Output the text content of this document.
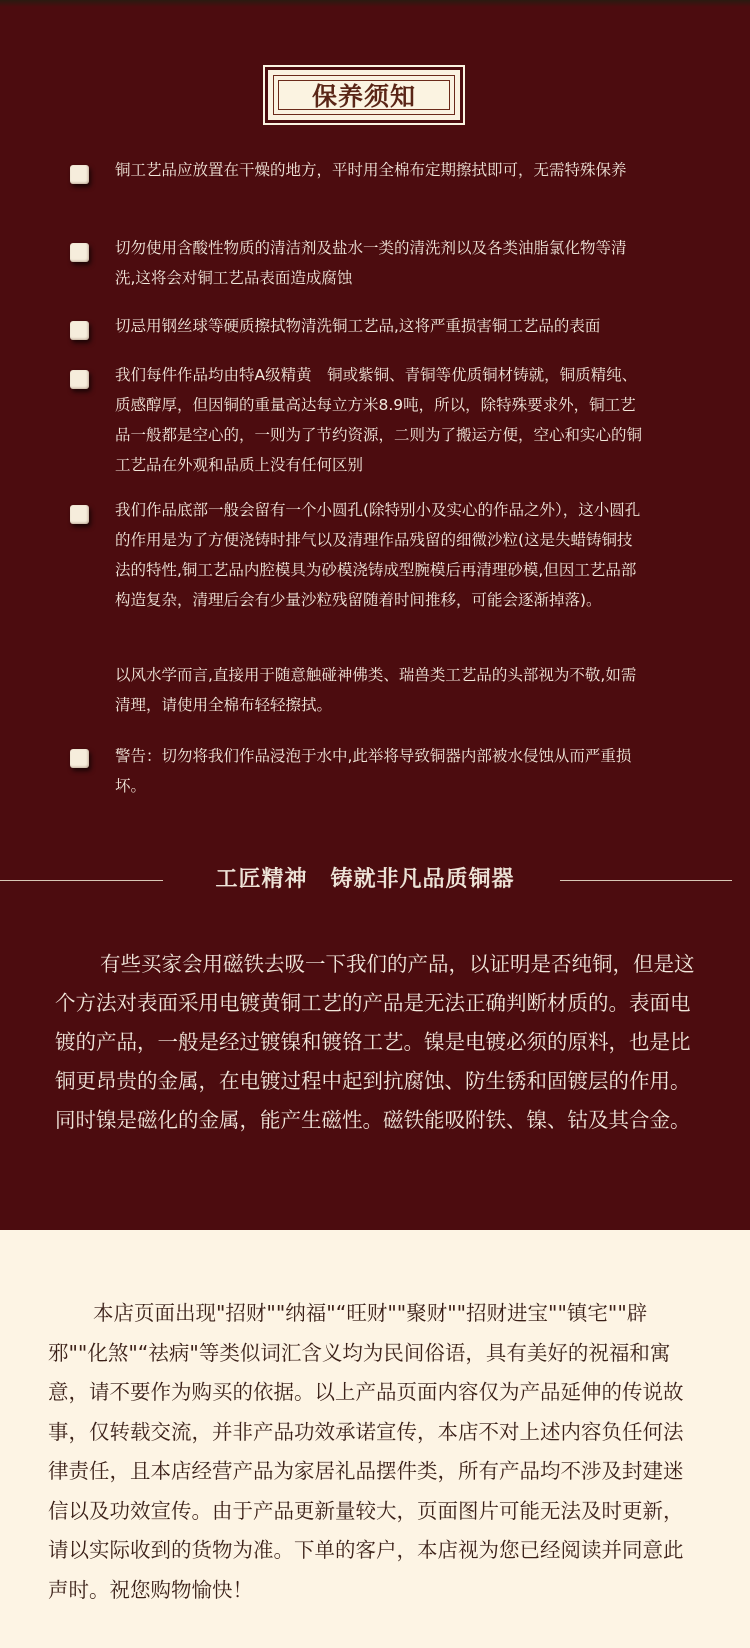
保养须知
铜工艺品应放置在干燥的地方，平时用全棉布定期擦拭即可，无需特殊保养
切勿使用含酸性物质的清洁剂及盐水一类的清洗剂以及各类油脂氯化物等清洗,这将会对铜工艺品表面造成腐蚀
切忌用钢丝球等硬质擦拭物清洗铜工艺品,这将严重损害铜工艺品的表面
我们每件作品均由特A级精黄　铜或紫铜、青铜等优质铜材铸就，铜质精纯、质感醇厚，但因铜的重量高达每立方米8.9吨，所以，除特殊要求外，铜工艺品一般都是空心的，一则为了节约资源，二则为了搬运方便，空心和实心的铜工艺品在外观和品质上没有任何区别
我们作品底部一般会留有一个小圆孔(除特别小及实心的作品之外），这小圆孔的作用是为了方便浇铸时排气以及清理作品残留的细微沙粒(这是失蜡铸铜技法的特性,铜工艺品内腔模具为砂模浇铸成型腕模后再清理砂模,但因工艺品部构造复杂，清理后会有少量沙粒残留随着时间推移，可能会逐渐掉落)。
以风水学而言,直接用于随意触碰神佛类、瑞兽类工艺品的头部视为不敬,如需清理，请使用全棉布轻轻擦拭。
警告：切勿将我们作品浸泡于水中,此举将导致铜器内部被水侵蚀从而严重损坏。
工匠精神　铸就非凡品质铜器
有些买家会用磁铁去吸一下我们的产品，以证明是否纯铜，但是这个方法对表面采用电镀黄铜工艺的产品是无法正确判断材质的。表面电镀的产品，一般是经过镀镍和镀铬工艺。镍是电镀必须的原料，也是比铜更昂贵的金属，在电镀过程中起到抗腐蚀、防生锈和固镀层的作用。同时镍是磁化的金属，能产生磁性。磁铁能吸附铁、镍、钴及其合金。
本店页面出现"招财""纳福"“旺财""聚财""招财进宝""镇宅""辟邪""化煞"“祛病"等类似词汇含义均为民间俗语，具有美好的祝福和寓意，请不要作为购买的依据。以上产品页面内容仅为产品延伸的传说故事，仅转载交流，并非产品功效承诺宣传，本店不对上述内容负任何法律责任，且本店经营产品为家居礼品摆件类，所有产品均不涉及封建迷信以及功效宣传。由于产品更新量较大，页面图片可能无法及时更新，请以实际收到的货物为准。下单的客户，本店视为您已经阅读并同意此声时。祝您购物愉快！
